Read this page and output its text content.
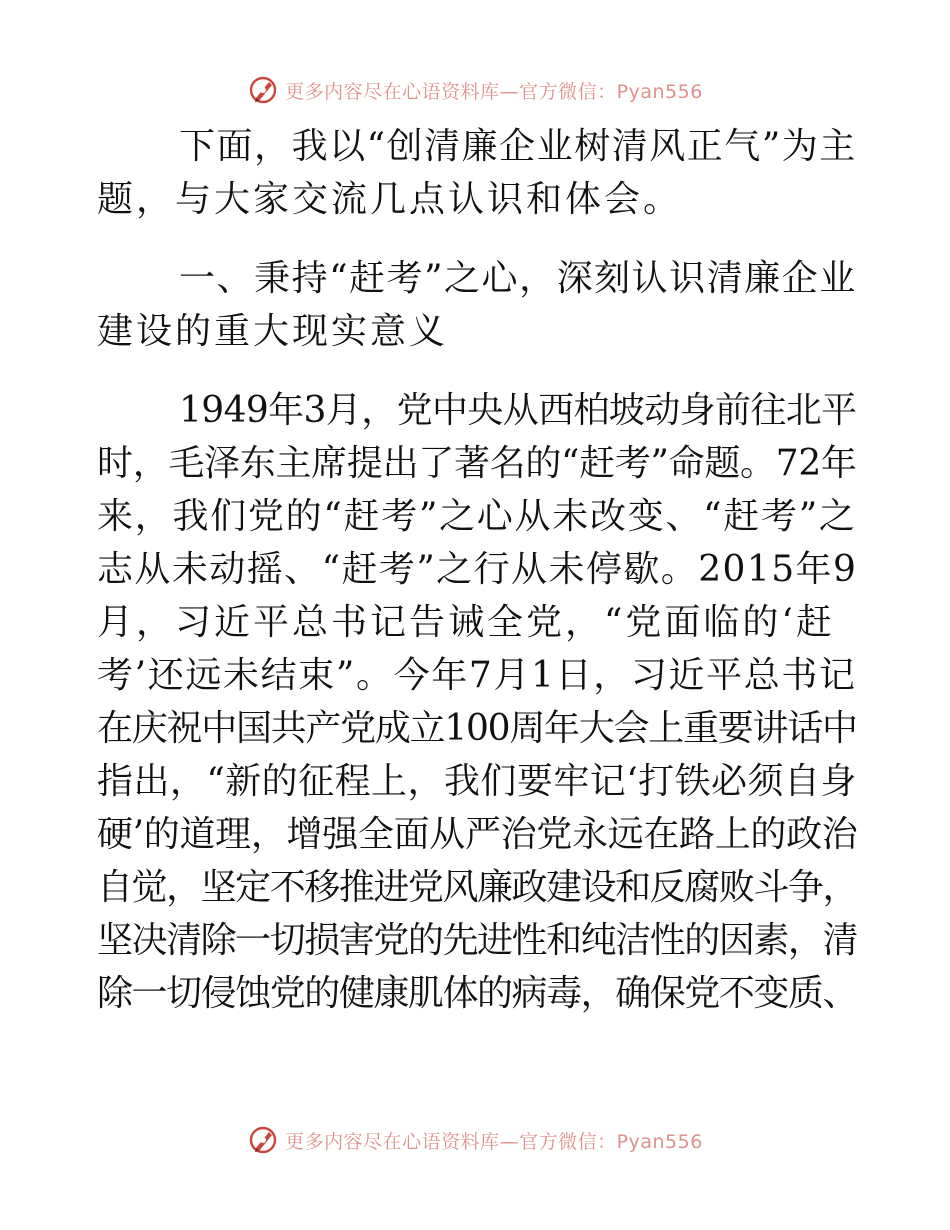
更多内容尽在心语资料库—官方微信：Pyan556
下面，我以“创清廉企业树清风正气”为主
题，与大家交流几点认识和体会。
一、秉持“赶考”之心，深刻认识清廉企业
建设的重大现实意义
1949年3月，党中央从西柏坡动身前往北平
时，毛泽东主席提出了著名的“赶考”命题。72年
来，我们党的“赶考”之心从未改变、“赶考”之
志从未动摇、“赶考”之行从未停歇。2015年9
月，习近平总书记告诫全党，“党面临的‘赶
考’还远未结束”。今年7月1日，习近平总书记
在庆祝中国共产党成立100周年大会上重要讲话中
指出，“新的征程上，我们要牢记‘打铁必须自身
硬’的道理，增强全面从严治党永远在路上的政治
自觉，坚定不移推进党风廉政建设和反腐败斗争，
坚决清除一切损害党的先进性和纯洁性的因素，清
除一切侵蚀党的健康肌体的病毒，确保党不变质、
更多内容尽在心语资料库—官方微信：Pyan556
